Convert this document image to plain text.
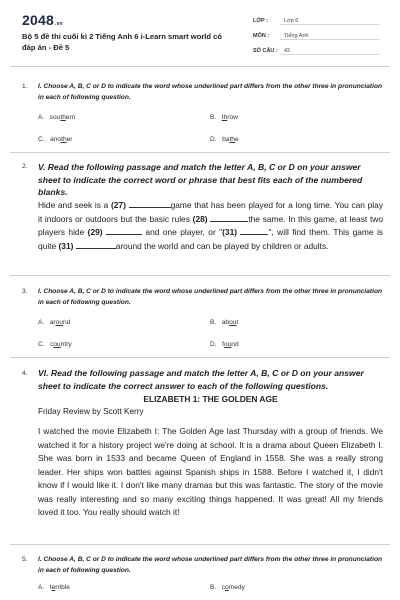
2048.vn
Bộ 5 đề thi cuối kì 2 Tiếng Anh 6 i-Learn smart world có đáp án - Đề 5
LỚP :	Lớp 6
MÔN :	Tiếng Anh
SỐ CÂU : 42
1. I. Choose A, B, C or D to indicate the word whose underlined part differs from the other three in pronunciation in each of following question.
A. southern	B. throw
C. another	D. bathe
2. V. Read the following passage and match the letter A, B, C or D on your answer sheet to indicate the correct word or phrase that best fits each of the numbered blanks.
Hide and seek is a (27)	game that has been played for a long time. You can play it indoors or outdoors but the basic rules (28)	the same. In this game, at least two players hide (29)	and one player, or "(31)	", will find them. This game is quite (31)	around the world and can be played by children or adults.
3. I. Choose A, B, C or D to indicate the word whose underlined part differs from the other three in pronunciation in each of following question.
A. around	B. about
C. country	D. found
4. VI. Read the following passage and match the letter A, B, C or D on your answer sheet to indicate the correct answer to each of the following questions.
ELIZABETH 1: THE GOLDEN AGE
Friday Review by Scott Kerry
I watched the movie Elizabeth I: The Golden Age last Thursday with a group of friends. We watched it for a history project we're doing at school. It is a drama about Queen Elizabeth I. She was born in 1533 and became Queen of England in 1558. She was a really strong leader. Her ships won battles against Spanish ships in 1588. Before I watched it, I didn't know if I would like it. I don't like many dramas but this was fantastic. The story of the movie was really interesting and so many exciting things happened. It was great! All my friends loved it too. You really should watch it!
5. I. Choose A, B, C or D to indicate the word whose underlined part differs from the other three in pronunciation in each of following question.
A. terrible	B. comedy
